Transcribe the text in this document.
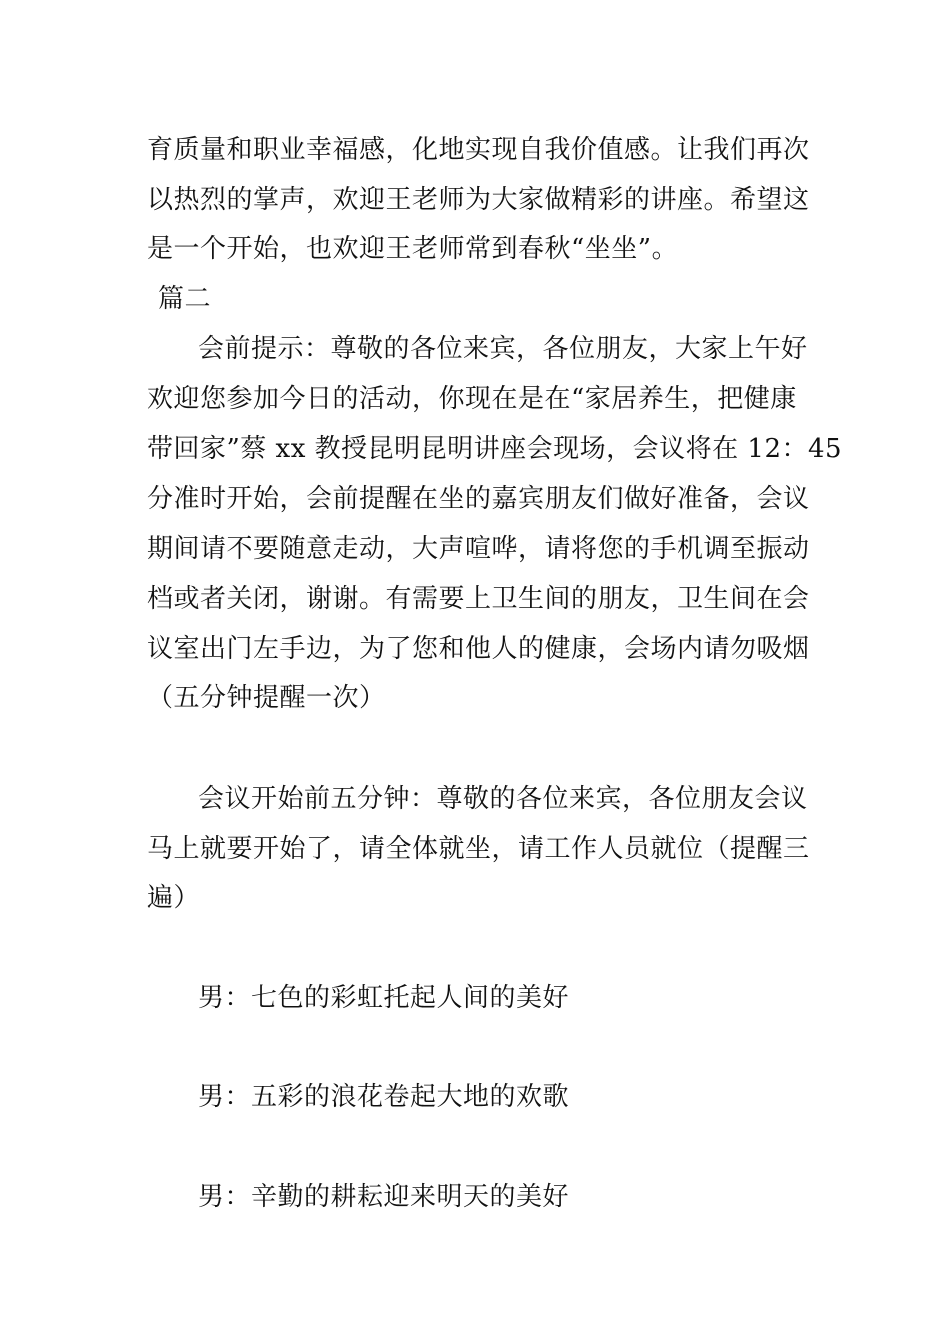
育质量和职业幸福感，化地实现自我价值感。让我们再次
以热烈的掌声，欢迎王老师为大家做精彩的讲座。希望这
是一个开始，也欢迎王老师常到春秋“坐坐”。
篇二
会前提示：尊敬的各位来宾，各位朋友，大家上午好
欢迎您参加今日的活动，你现在是在“家居养生，把健康
带回家”蔡 xx 教授昆明昆明讲座会现场，会议将在 12：45
分准时开始，会前提醒在坐的嘉宾朋友们做好准备，会议
期间请不要随意走动，大声喧哗，请将您的手机调至振动
档或者关闭，谢谢。有需要上卫生间的朋友，卫生间在会
议室出门左手边，为了您和他人的健康，会场内请勿吸烟
（五分钟提醒一次）
会议开始前五分钟：尊敬的各位来宾，各位朋友会议
马上就要开始了，请全体就坐，请工作人员就位（提醒三
遍）
男：七色的彩虹托起人间的美好
男：五彩的浪花卷起大地的欢歌
男：辛勤的耕耘迎来明天的美好
